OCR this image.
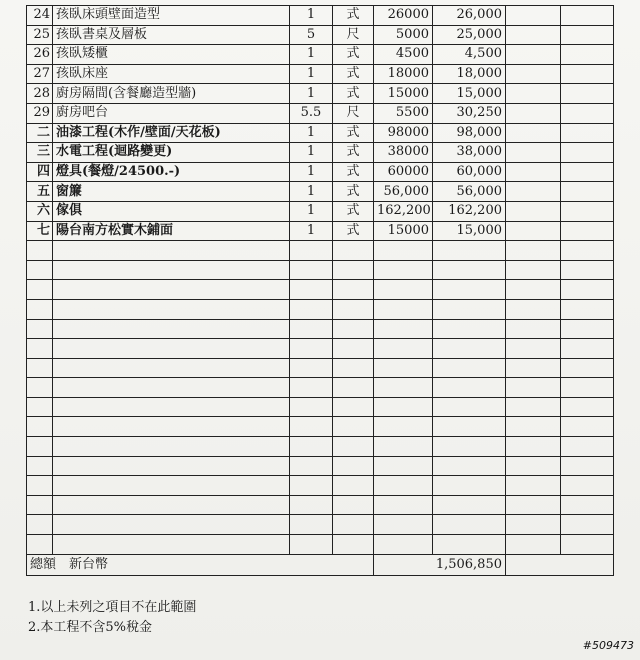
24	孩臥床頭壁面造型	1	式	26000	26,000		
25	孩臥書桌及層板	5	尺	5000	25,000		
26	孩臥矮櫃	1	式	4500	4,500		
27	孩臥床座	1	式	18000	18,000		
28	廚房隔間(含餐廳造型牆)	1	式	15000	15,000		
29	廚房吧台	5.5	尺	5500	30,250		
二	油漆工程(木作/壁面/天花板)	1	式	98000	98,000		
三	水電工程(迴路變更)	1	式	38000	38,000		
四	燈具(餐燈/24500.-)	1	式	60000	60,000		
五	窗簾	1	式	56,000	56,000		
六	傢俱	1	式	162,200	162,200		
七	陽台南方松實木鋪面	1	式	15000	15,000		

總額　新台幣				1,506,850			
1.以上未列之項目不在此範圍
2.本工程不含5%稅金
#509473
